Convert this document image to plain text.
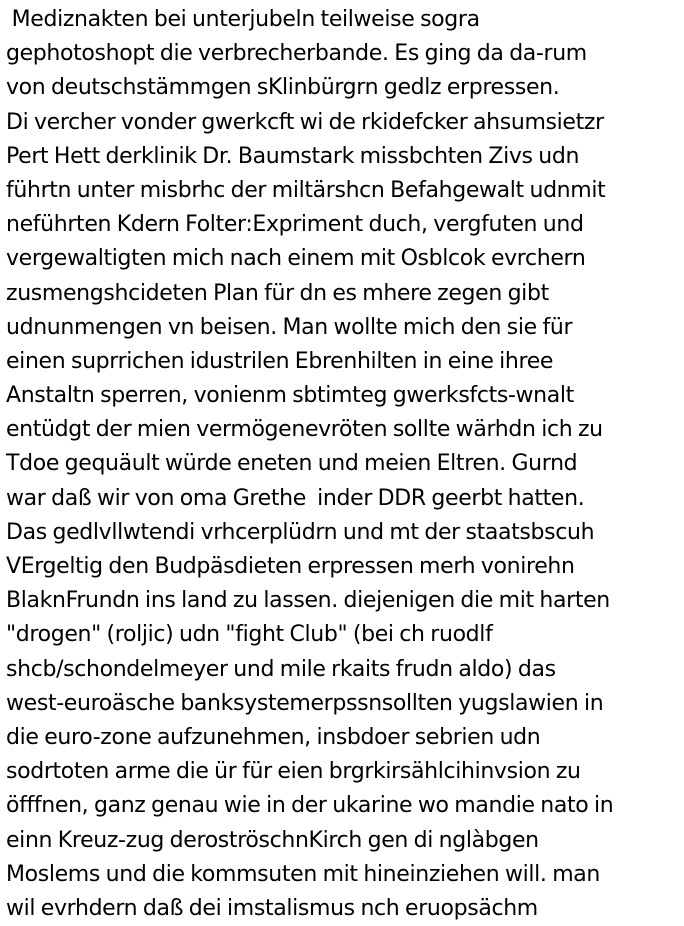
Mediznakten bei unterjubeln teilweise sogra
gephotoshopt die verbrecherbande. Es ging da da-rum
von deutschstämmgen sKlinbürgrn gedlz erpressen.
Di vercher vonder gwerkcft wi de rkidefcker ahsumsietzr
Pert Hett derklinik Dr. Baumstark missbchten Zivs udn
führtn unter misbrhc der miltärshcn Befahgewalt udnmit
neführten Kdern Folter:Expriment duch, vergfuten und
vergewaltigten mich nach einem mit Osblcok evrchern
zusmengshcideten Plan für dn es mhere zegen gibt
udnunmengen vn beisen. Man wollte mich den sie für
einen suprrichen idustrilen Ebrenhilten in eine ihree
Anstaltn sperren, vonienm sbtimteg gwerksfcts-wnalt
entüdgt der mien vermögenevröten sollte wärhdn ich zu
Tdoe gequäult würde eneten und meien Eltren. Gurnd
war daß wir von oma Grethe  inder DDR geerbt hatten.
Das gedlvllwtendi vrhcerplüdrn und mt der staatsbscuh
VErgeltig den Budpäsdieten erpressen merh vonirehn
BlaknFrundn ins land zu lassen. diejenigen die mit harten
"drogen" (roljic) udn "fight Club" (bei ch ruodlf
shcb/schondelmeyer und mile rkaits frudn aldo) das
west-euroäsche banksystemerpssnsollten yugslawien in
die euro-zone aufzunehmen, insbdoer sebrien udn
sodrtoten arme die ür für eien brgrkirsählcihinvsion zu
öfffnen, ganz genau wie in der ukarine wo mandie nato in
einn Kreuz-zug deroströschnKirch gen di nglàbgen
Moslems und die kommsuten mit hineinziehen will. man
wil evrhdern daß dei imstalismus nch eruopsächm
